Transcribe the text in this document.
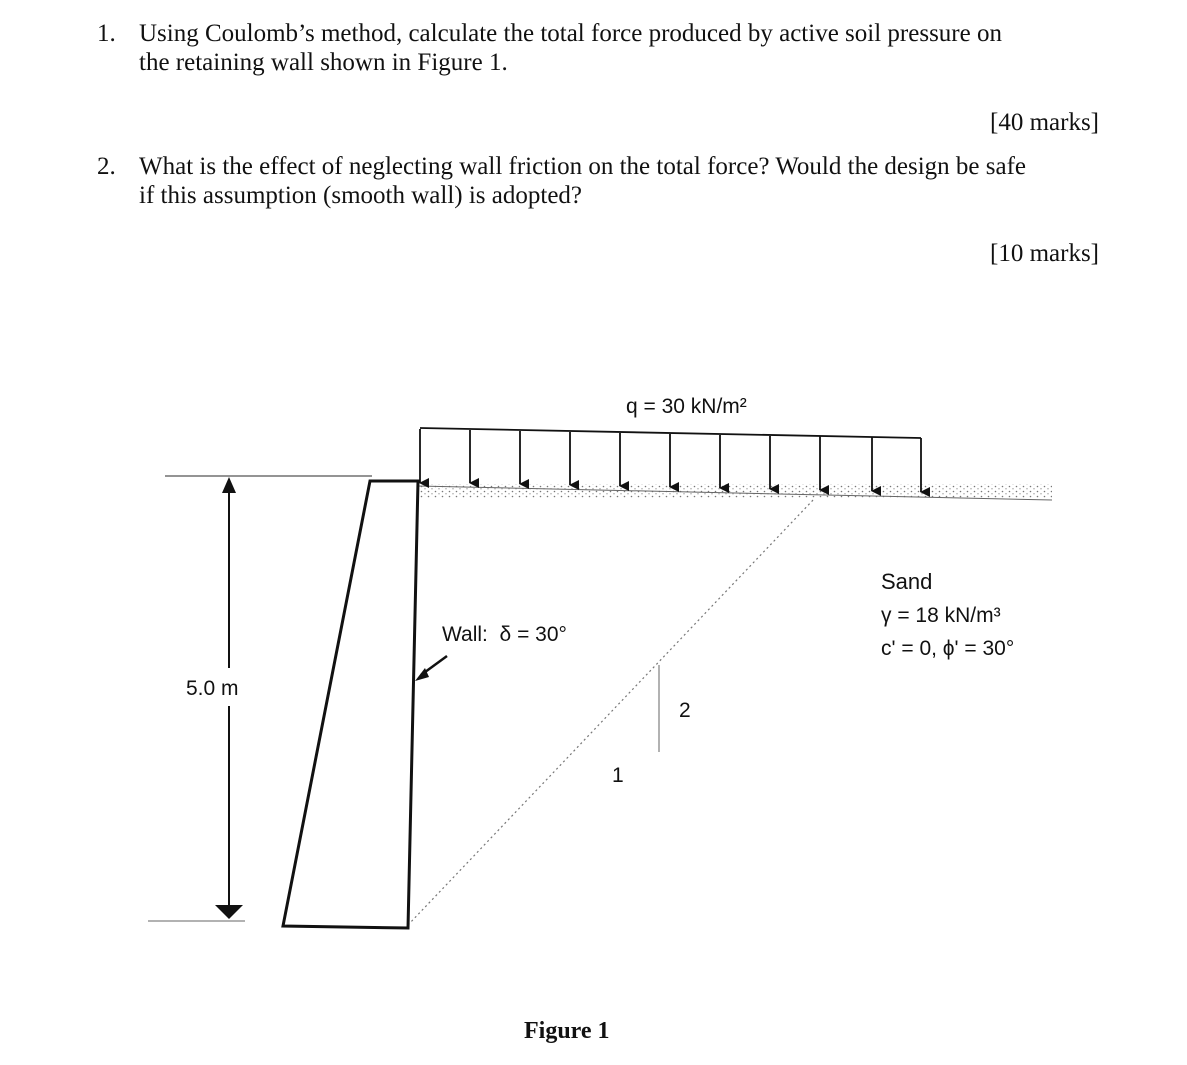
1. Using Coulomb’s method, calculate the total force produced by active soil pressure on
the retaining wall shown in Figure 1.
[40 marks]
2. What is the effect of neglecting wall friction on the total force? Would the design be safe
if this assumption (smooth wall) is adopted?
[10 marks]
2
1
5.0 m
q = 30 kN/m²
Wall:  δ = 30°
Sand
γ = 18 kN/m³
c' = 0, ϕ' = 30°
Figure 1
